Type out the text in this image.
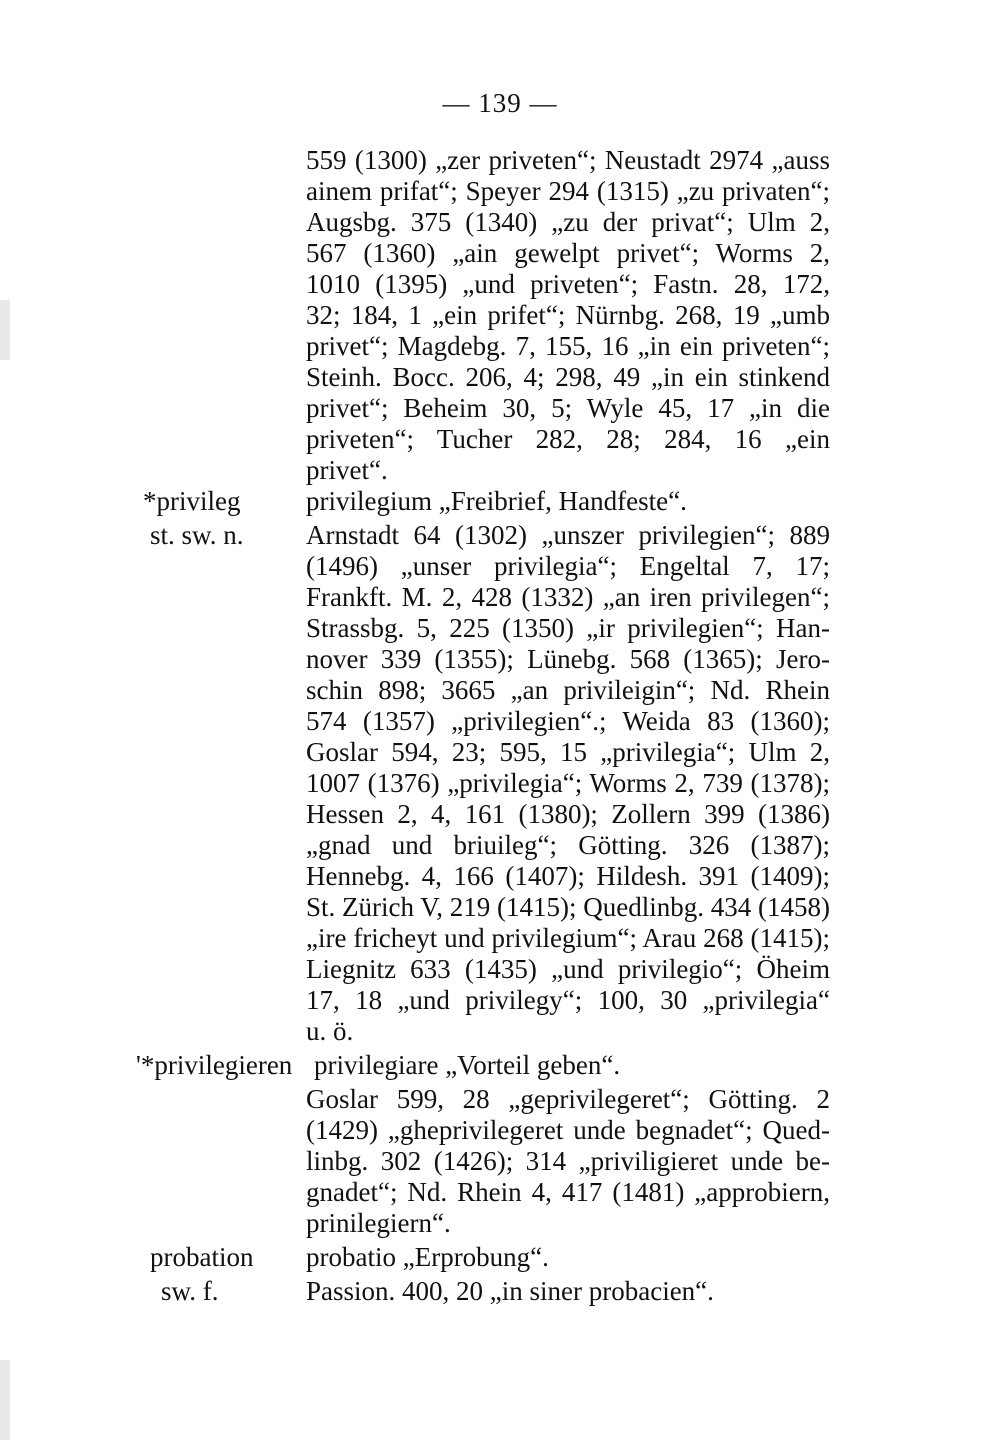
— 139 —
559 (1300) „zer priveten“; Neustadt 2974 „auss
ainem prifat“; Speyer 294 (1315) „zu privaten“;
Augsbg. 375 (1340) „zu der privat“; Ulm 2,
567 (1360) „ain gewelpt privet“; Worms 2,
1010 (1395) „und priveten“; Fastn. 28, 172,
32; 184, 1 „ein prifet“; Nürnbg. 268, 19 „umb
privet“; Magdebg. 7, 155, 16 „in ein priveten“;
Steinh. Bocc. 206, 4; 298, 49 „in ein stinkend
privet“; Beheim 30, 5; Wyle 45, 17 „in die
priveten“; Tucher 282, 28; 284, 16 „ein
privet“.
*privileg
st. sw. n.
privilegium „Freibrief, Handfeste“.
Arnstadt 64 (1302) „unszer privilegien“; 889
(1496) „unser privilegia“; Engeltal 7, 17;
Frankft. M. 2, 428 (1332) „an iren privilegen“;
Strassbg. 5, 225 (1350) „ir privilegien“; Han-
nover 339 (1355); Lünebg. 568 (1365); Jero-
schin 898; 3665 „an privileigin“; Nd. Rhein
574 (1357) „privilegien“.; Weida 83 (1360);
Goslar 594, 23; 595, 15 „privilegia“; Ulm 2,
1007 (1376) „privilegia“; Worms 2, 739 (1378);
Hessen 2, 4, 161 (1380); Zollern 399 (1386)
„gnad und briuileg“; Götting. 326 (1387);
Hennebg. 4, 166 (1407); Hildesh. 391 (1409);
St. Zürich V, 219 (1415); Quedlinbg. 434 (1458)
„ire fricheyt und privilegium“; Arau 268 (1415);
Liegnitz 633 (1435) „und privilegio“; Öheim
17, 18 „und privilegy“; 100, 30 „privilegia“
u. ö.
'*privilegieren privilegiare „Vorteil geben“.
Goslar 599, 28 „geprivilegeret“; Götting. 2
(1429) „gheprivilegeret unde begnadet“; Qued-
linbg. 302 (1426); 314 „priviligieret unde be-
gnadet“; Nd. Rhein 4, 417 (1481) „approbiern,
prinilegiern“.
probation
sw. f.
probatio „Erprobung“.
Passion. 400, 20 „in siner probacien“.
